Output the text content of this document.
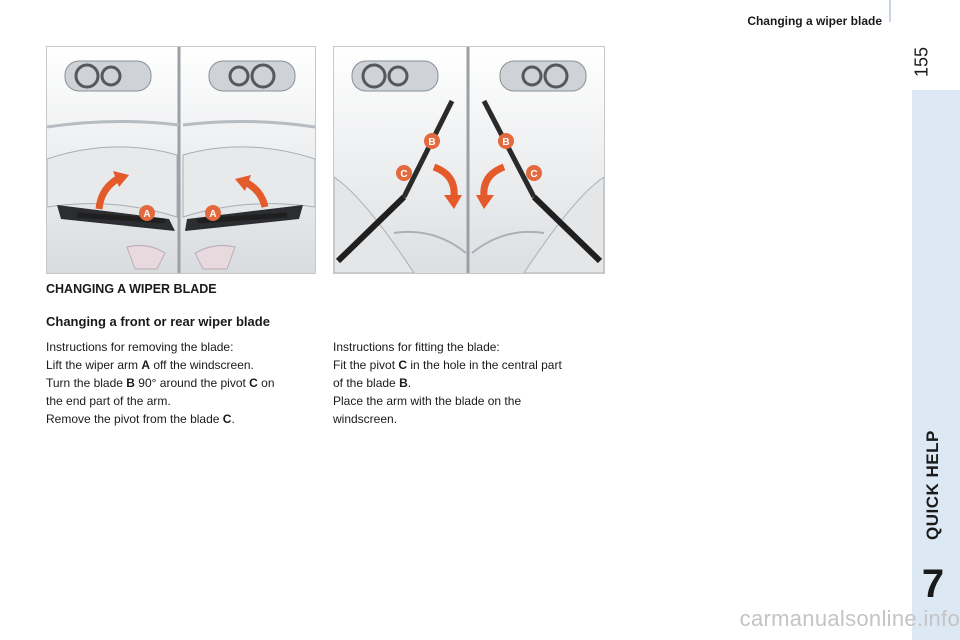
Changing a wiper blade
155
QUICK HELP
7
A	A
B	B
C	C
CHANGING A WIPER BLADE
Changing a front or rear wiper blade

Instructions for removing the blade:

Lift the wiper arm A off the windscreen.

Turn the blade B 90° around the pivot C on

the end part of the arm.

Remove the pivot from the blade C.

Instructions for fitting the blade:

Fit the pivot C in the hole in the central part

of the blade B.

Place the arm with the blade on the

windscreen.

carmanualsonline.info
